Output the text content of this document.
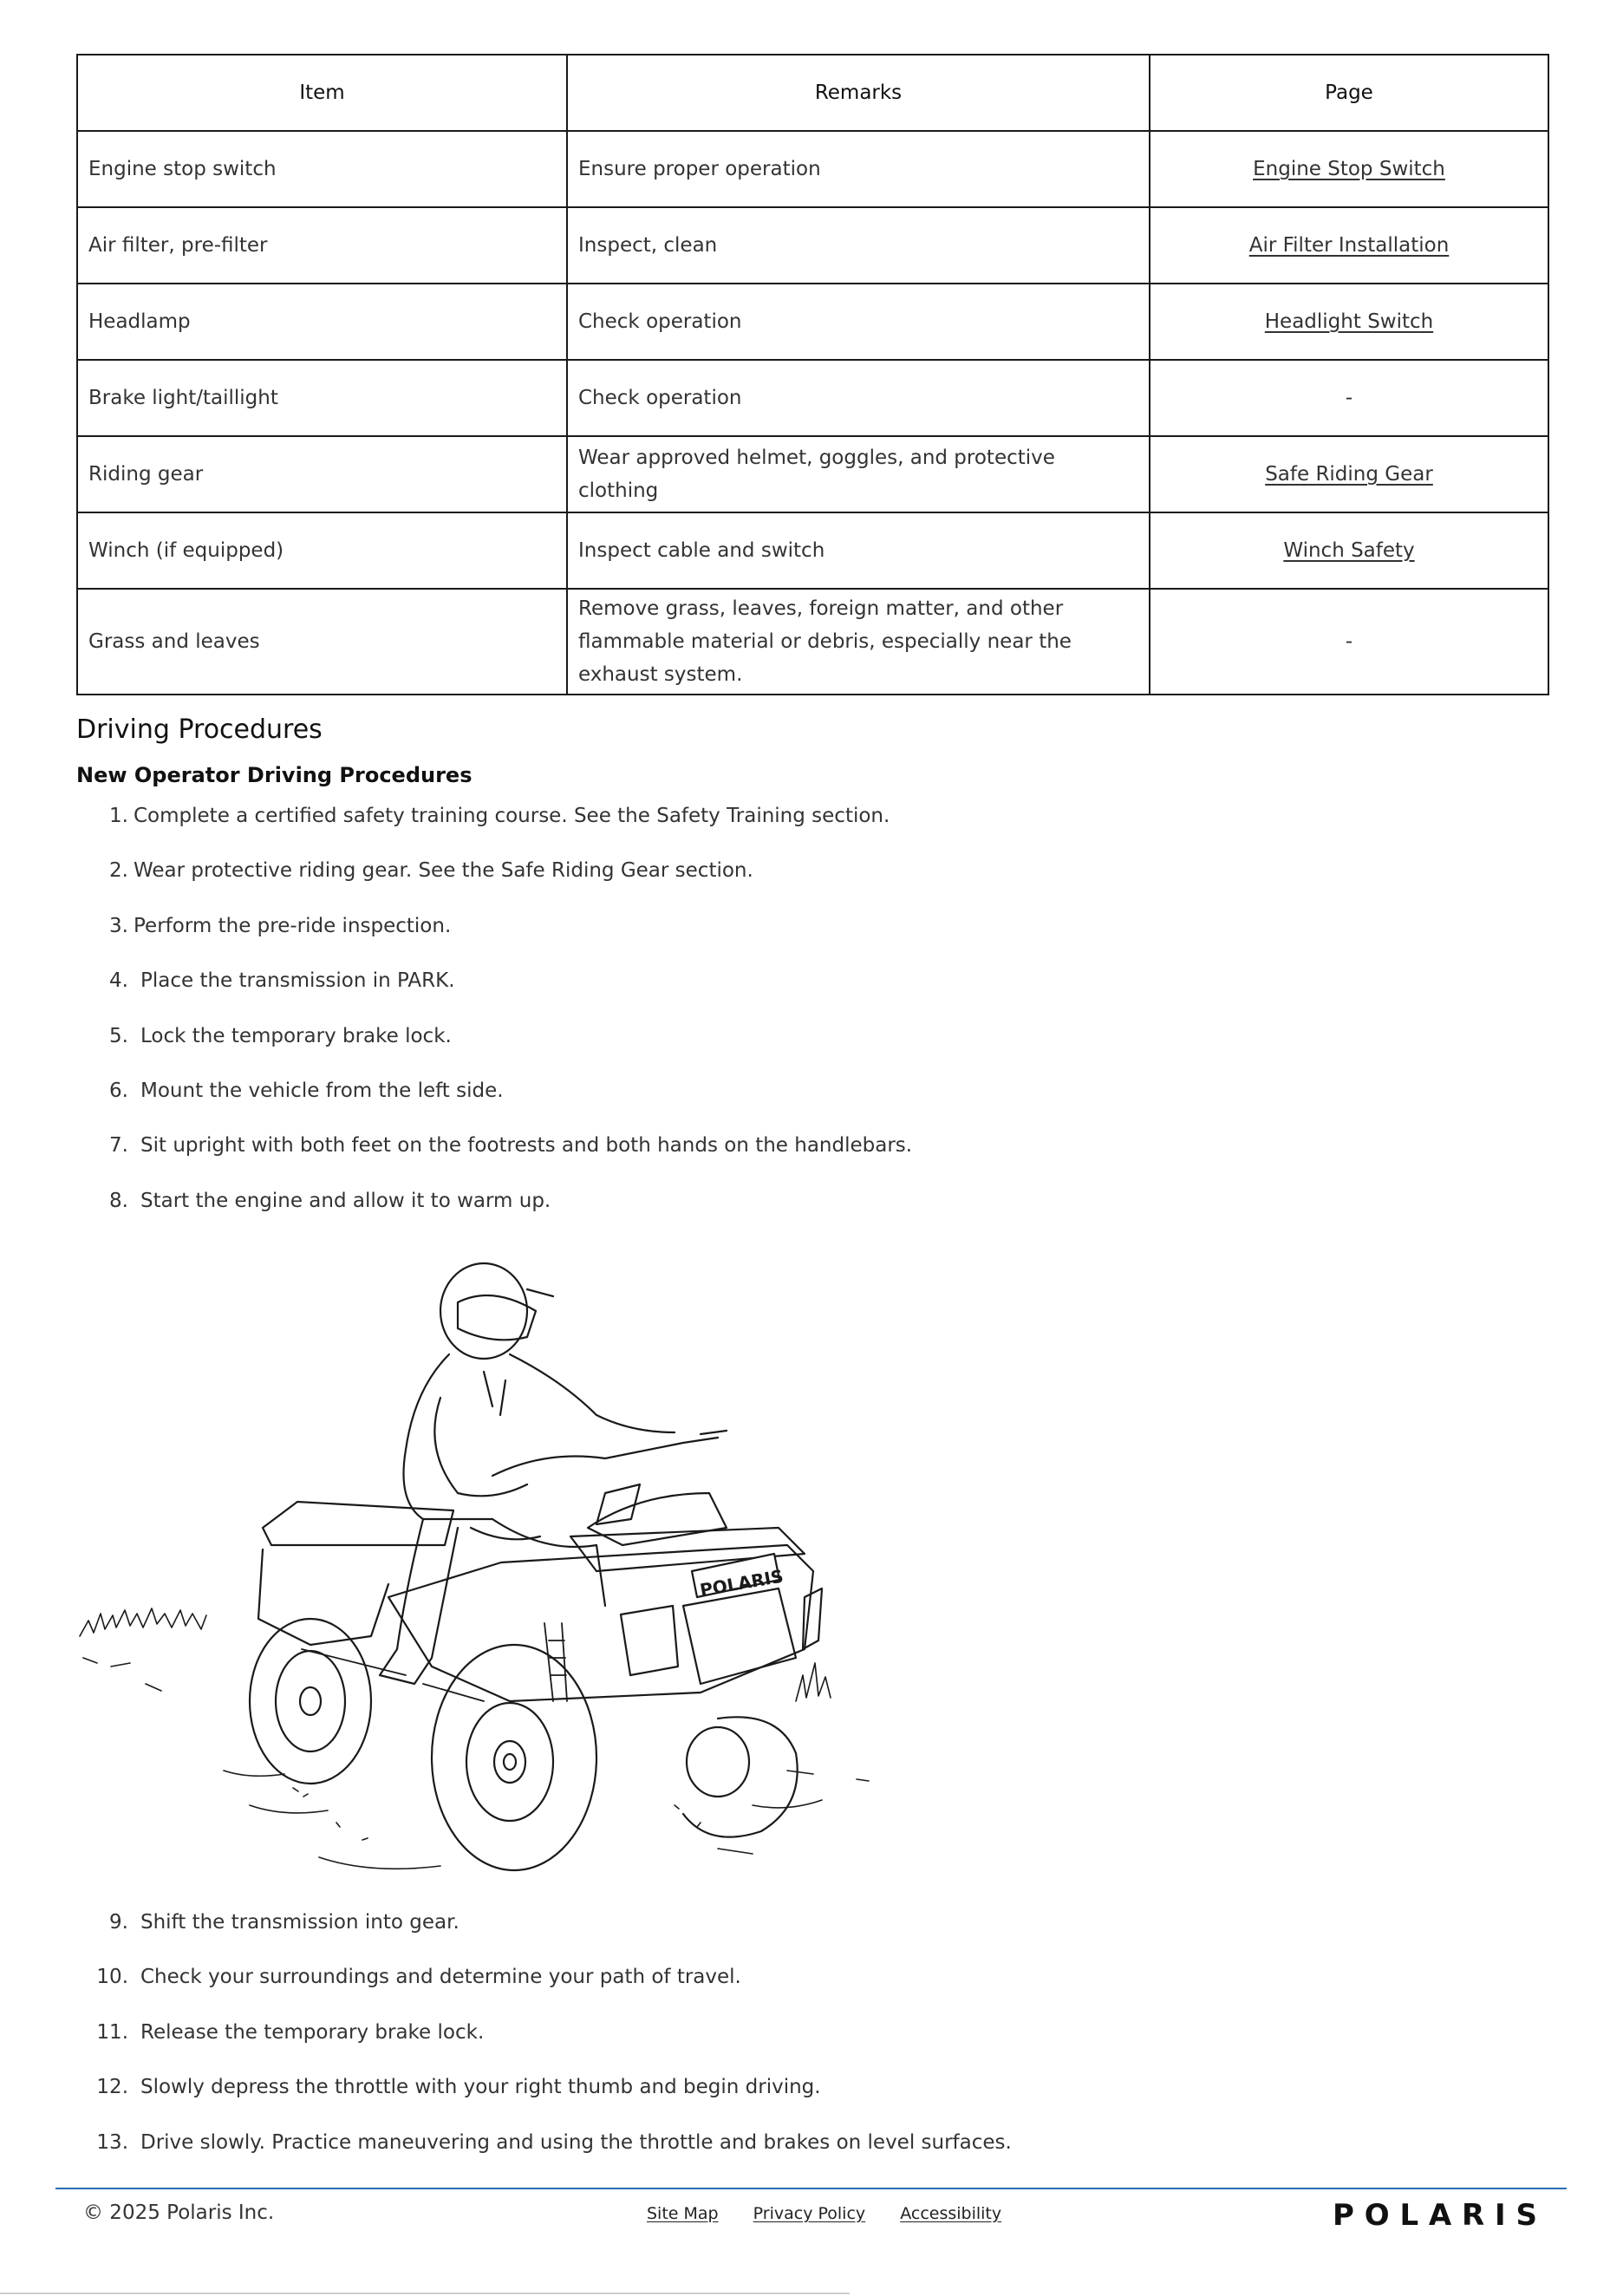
Item	Remarks	Page
Engine stop switch	Ensure proper operation	Engine Stop Switch
Air filter, pre-filter	Inspect, clean	Air Filter Installation
Headlamp	Check operation	Headlight Switch
Brake light/taillight	Check operation	-
Riding gear	Wear approved helmet, goggles, and protective clothing	Safe Riding Gear
Winch (if equipped)	Inspect cable and switch	Winch Safety
Grass and leaves	Remove grass, leaves, foreign matter, and other flammable material or debris, especially near the exhaust system.	-
Driving Procedures
New Operator Driving Procedures
1. Complete a certified safety training course. See the Safety Training section.
2. Wear protective riding gear. See the Safe Riding Gear section.
3. Perform the pre-ride inspection.
4. Place the transmission in PARK.
5. Lock the temporary brake lock.
6. Mount the vehicle from the left side.
7. Sit upright with both feet on the footrests and both hands on the handlebars.
8. Start the engine and allow it to warm up.
POLARIS
9. Shift the transmission into gear.
10. Check your surroundings and determine your path of travel.
11. Release the temporary brake lock.
12. Slowly depress the throttle with your right thumb and begin driving.
13. Drive slowly. Practice maneuvering and using the throttle and brakes on level surfaces.
© 2025 Polaris Inc.	Site Map Privacy Policy Accessibility	POLARIS
